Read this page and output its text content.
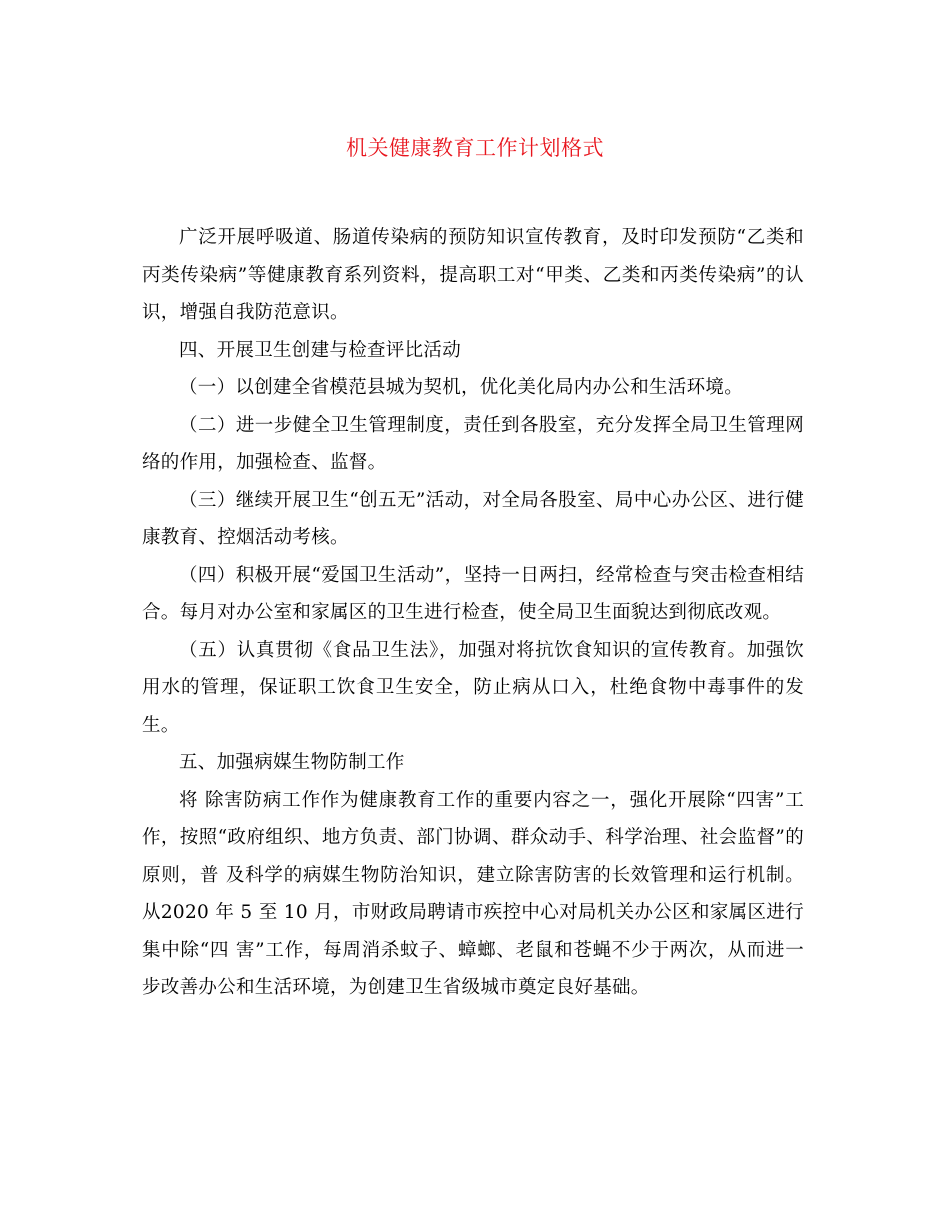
机关健康教育工作计划格式

广泛开展呼吸道、肠道传染病的预防知识宣传教育，及时印发预防“乙类和丙类传染病”等健康教育系列资料，提高职工对“甲类、乙类和丙类传染病”的认识，增强自我防范意识。

四、开展卫生创建与检查评比活动

（一）以创建全省模范县城为契机，优化美化局内办公和生活环境。

（二）进一步健全卫生管理制度，责任到各股室，充分发挥全局卫生管理网络的作用，加强检查、监督。

（三）继续开展卫生“创五无”活动，对全局各股室、局中心办公区、进行健康教育、控烟活动考核。

（四）积极开展“爱国卫生活动”，坚持一日两扫，经常检查与突击检查相结合。每月对办公室和家属区的卫生进行检查，使全局卫生面貌达到彻底改观。

（五）认真贯彻《食品卫生法》，加强对将抗饮食知识的宣传教育。加强饮用水的管理，保证职工饮食卫生安全，防止病从口入，杜绝食物中毒事件的发生。

五、加强病媒生物防制工作

将 除害防病工作作为健康教育工作的重要内容之一，强化开展除“四害”工作，按照“政府组织、地方负责、部门协调、群众动手、科学治理、社会监督”的原则，普 及科学的病媒生物防治知识，建立除害防害的长效管理和运行机制。从2020 年 5 至 10 月，市财政局聘请市疾控中心对局机关办公区和家属区进行集中除“四 害”工作，每周消杀蚊子、蟑螂、老鼠和苍蝇不少于两次，从而进一步改善办公和生活环境，为创建卫生省级城市奠定良好基础。
